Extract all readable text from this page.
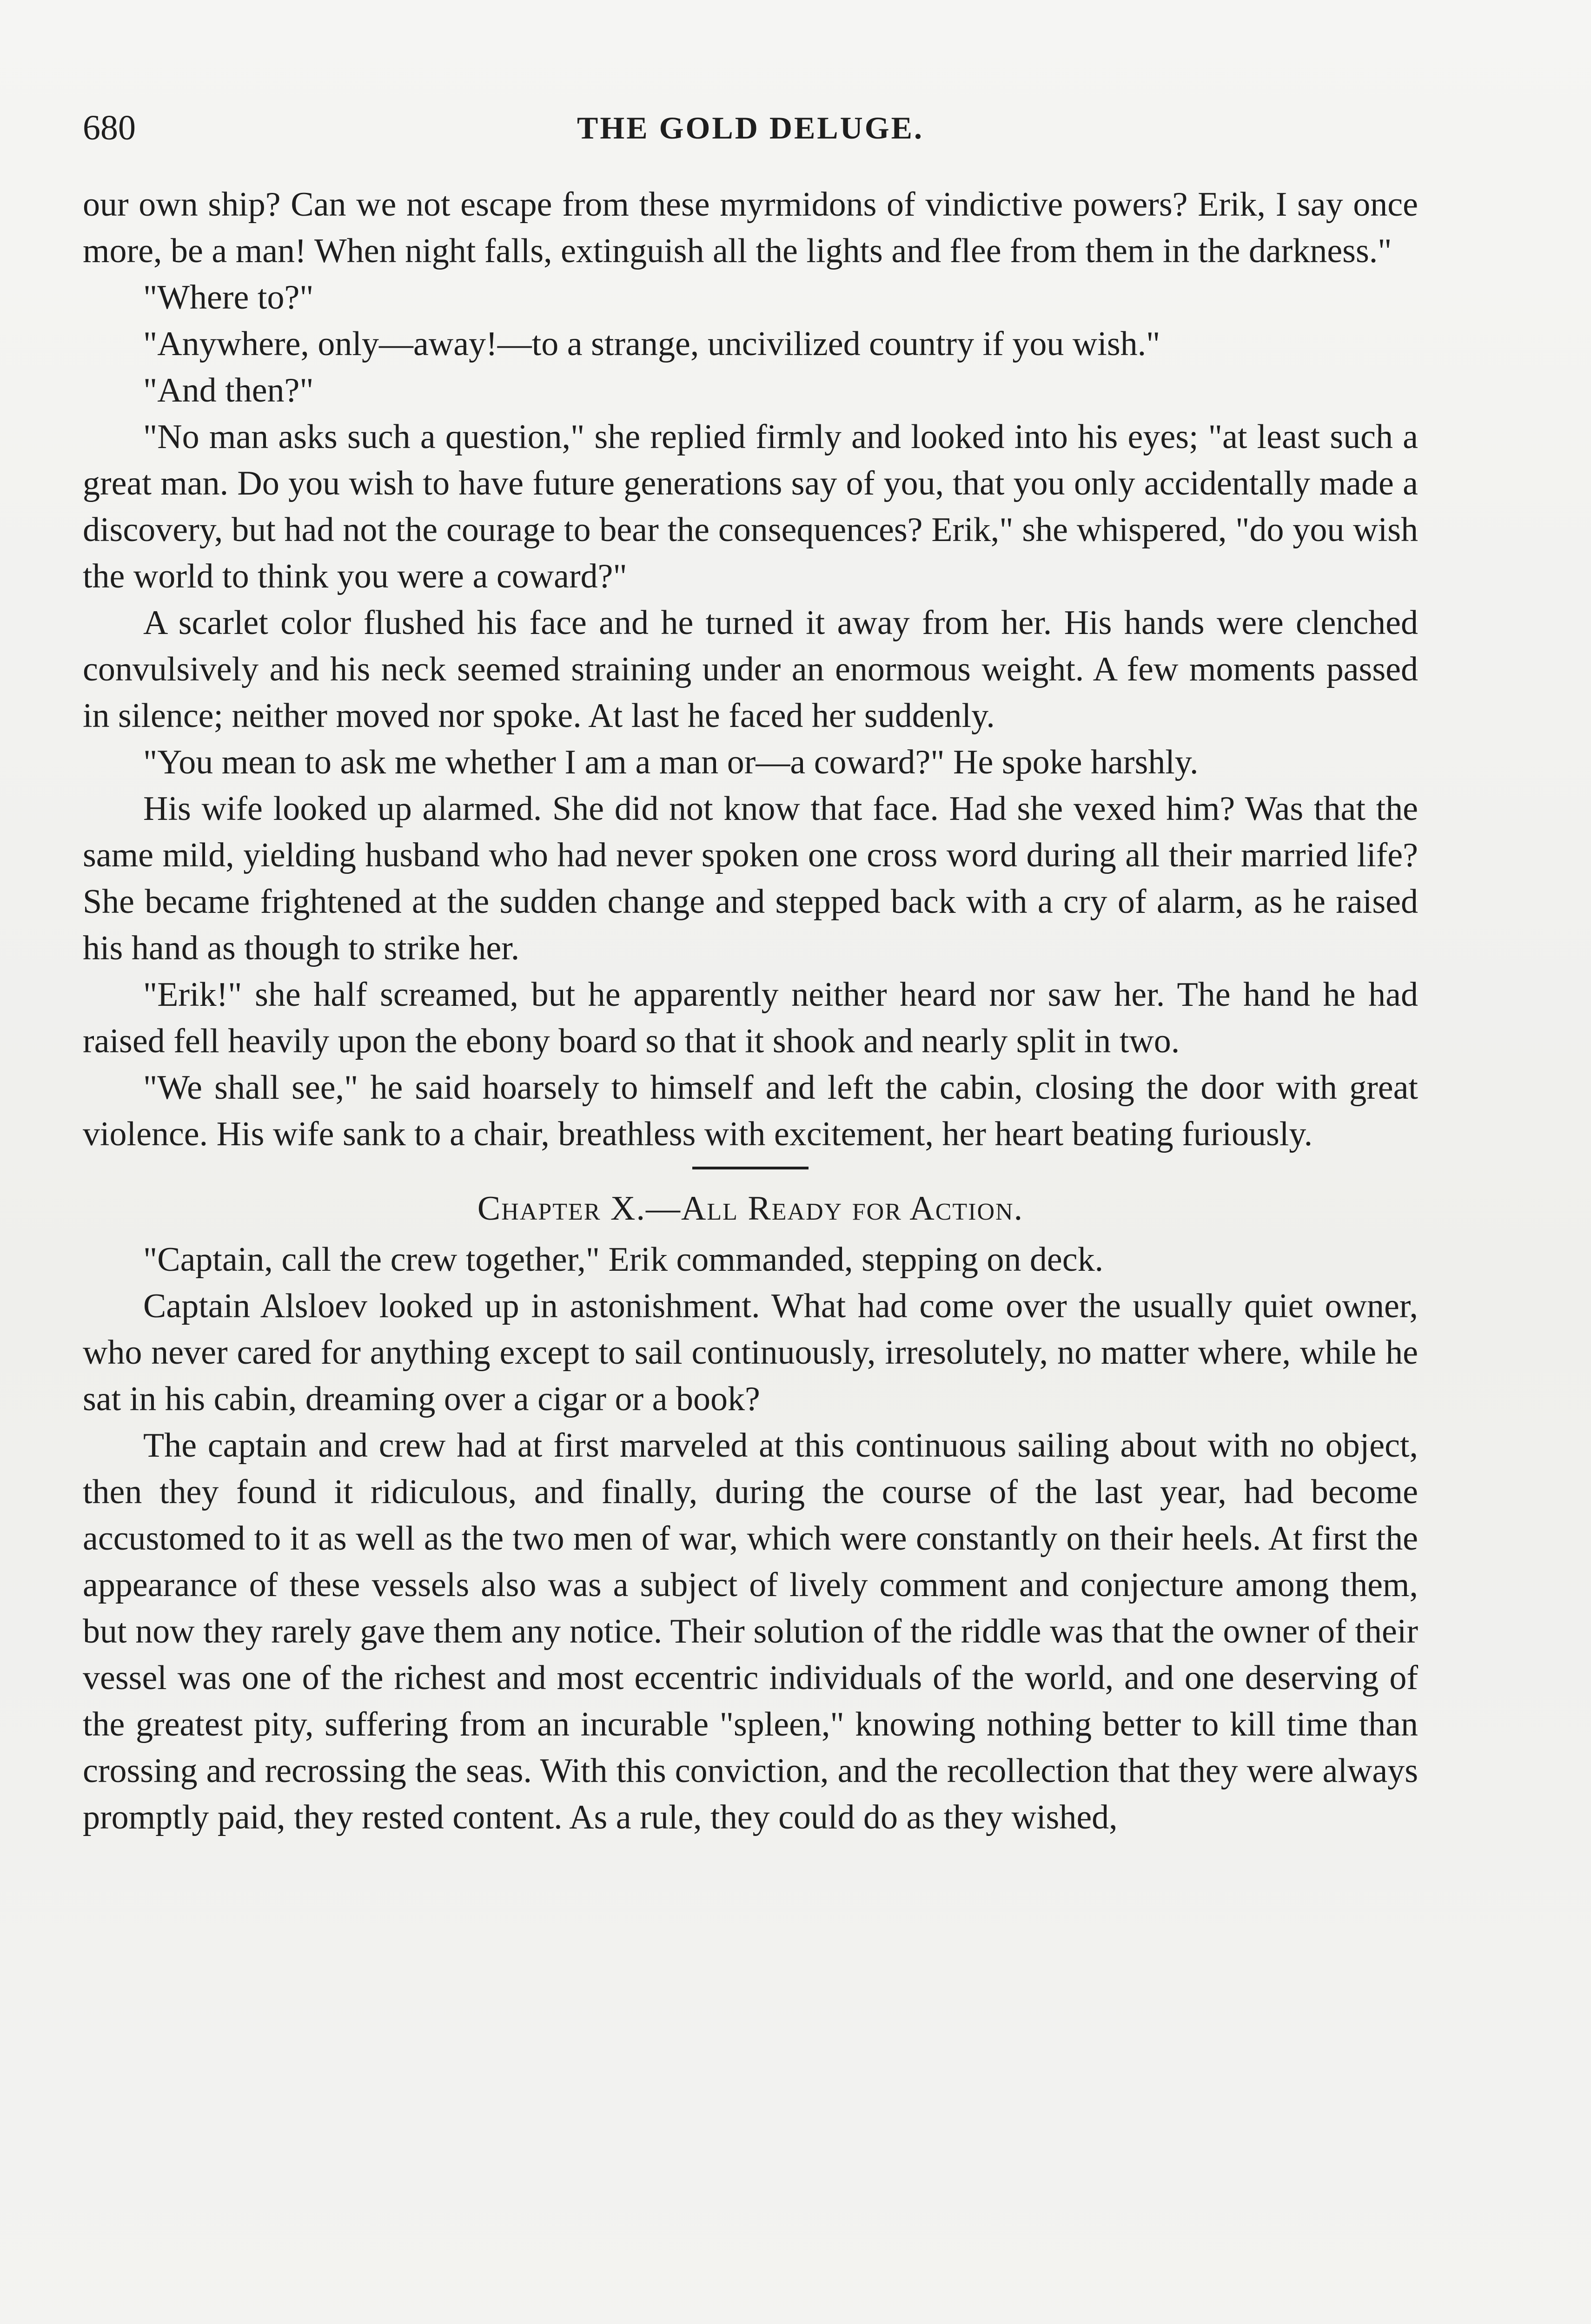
680	THE GOLD DELUGE.

our own ship? Can we not escape from these myrmidons of vindictive powers? Erik, I say once more, be a man! When night falls, extinguish all the lights and flee from them in the darkness."

"Where to?"

"Anywhere, only—away!—to a strange, uncivilized country if you wish."

"And then?"

"No man asks such a question," she replied firmly and looked into his eyes; "at least such a great man. Do you wish to have future generations say of you, that you only accidentally made a discovery, but had not the courage to bear the consequences? Erik," she whispered, "do you wish the world to think you were a coward?"

A scarlet color flushed his face and he turned it away from her. His hands were clenched convulsively and his neck seemed straining under an enormous weight. A few moments passed in silence; neither moved nor spoke. At last he faced her suddenly.

"You mean to ask me whether I am a man or—a coward?" He spoke harshly.

His wife looked up alarmed. She did not know that face. Had she vexed him? Was that the same mild, yielding husband who had never spoken one cross word during all their married life? She became frightened at the sudden change and stepped back with a cry of alarm, as he raised his hand as though to strike her.

"Erik!" she half screamed, but he apparently neither heard nor saw her. The hand he had raised fell heavily upon the ebony board so that it shook and nearly split in two.

"We shall see," he said hoarsely to himself and left the cabin, closing the door with great violence. His wife sank to a chair, breathless with excitement, her heart beating furiously.

Chapter X.—All Ready for Action.

"Captain, call the crew together," Erik commanded, stepping on deck.

Captain Alsloev looked up in astonishment. What had come over the usually quiet owner, who never cared for anything except to sail continuously, irresolutely, no matter where, while he sat in his cabin, dreaming over a cigar or a book?

The captain and crew had at first marveled at this continuous sailing about with no object, then they found it ridiculous, and finally, during the course of the last year, had become accustomed to it as well as the two men of war, which were constantly on their heels. At first the appearance of these vessels also was a subject of lively comment and conjecture among them, but now they rarely gave them any notice. Their solution of the riddle was that the owner of their vessel was one of the richest and most eccentric individuals of the world, and one deserving of the greatest pity, suffering from an incurable "spleen," knowing nothing better to kill time than crossing and recrossing the seas. With this conviction, and the recollection that they were always promptly paid, they rested content. As a rule, they could do as they wished,
